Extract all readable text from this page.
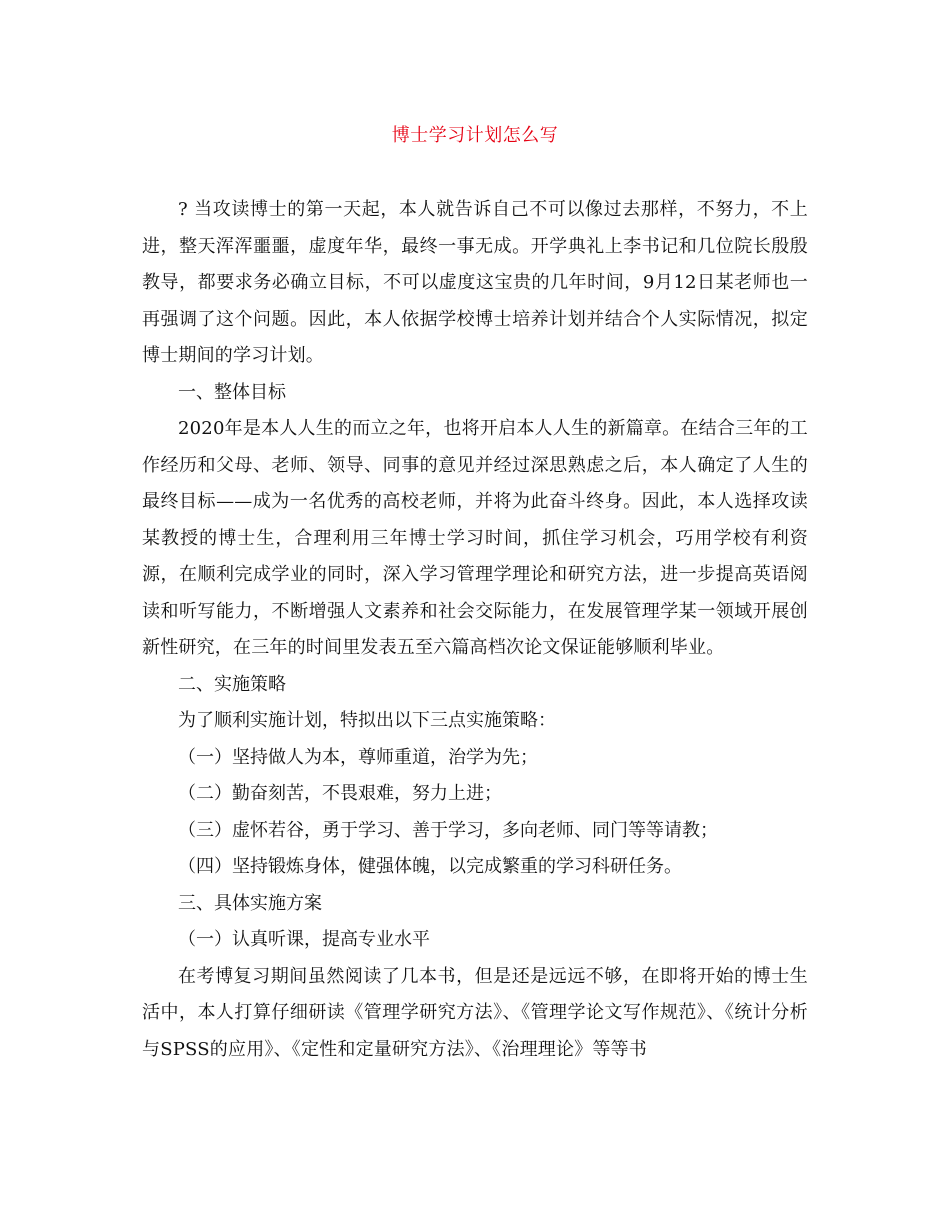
博士学习计划怎么写

? 当攻读博士的第一天起，本人就告诉自己不可以像过去那样，不努力，不上进，整天浑浑噩噩，虚度年华，最终一事无成。开学典礼上李书记和几位院长殷殷教导，都要求务必确立目标，不可以虚度这宝贵的几年时间，9月12日某老师也一再强调了这个问题。因此，本人依据学校博士培养计划并结合个人实际情况，拟定博士期间的学习计划。

一、整体目标

2020年是本人人生的而立之年，也将开启本人人生的新篇章。在结合三年的工作经历和父母、老师、领导、同事的意见并经过深思熟虑之后，本人确定了人生的最终目标——成为一名优秀的高校老师，并将为此奋斗终身。因此，本人选择攻读某教授的博士生，合理利用三年博士学习时间，抓住学习机会，巧用学校有利资源，在顺利完成学业的同时，深入学习管理学理论和研究方法，进一步提高英语阅读和听写能力，不断增强人文素养和社会交际能力，在发展管理学某一领域开展创新性研究，在三年的时间里发表五至六篇高档次论文保证能够顺利毕业。

二、实施策略

为了顺利实施计划，特拟出以下三点实施策略：

（一）坚持做人为本，尊师重道，治学为先；

（二）勤奋刻苦，不畏艰难，努力上进；

（三）虚怀若谷，勇于学习、善于学习，多向老师、同门等等请教；

（四）坚持锻炼身体，健强体魄，以完成繁重的学习科研任务。

三、具体实施方案

（一）认真听课，提高专业水平

在考博复习期间虽然阅读了几本书，但是还是远远不够，在即将开始的博士生活中，本人打算仔细研读《管理学研究方法》、《管理学论文写作规范》、《统计分析与SPSS的应用》、《定性和定量研究方法》、《治理理论》等等书
